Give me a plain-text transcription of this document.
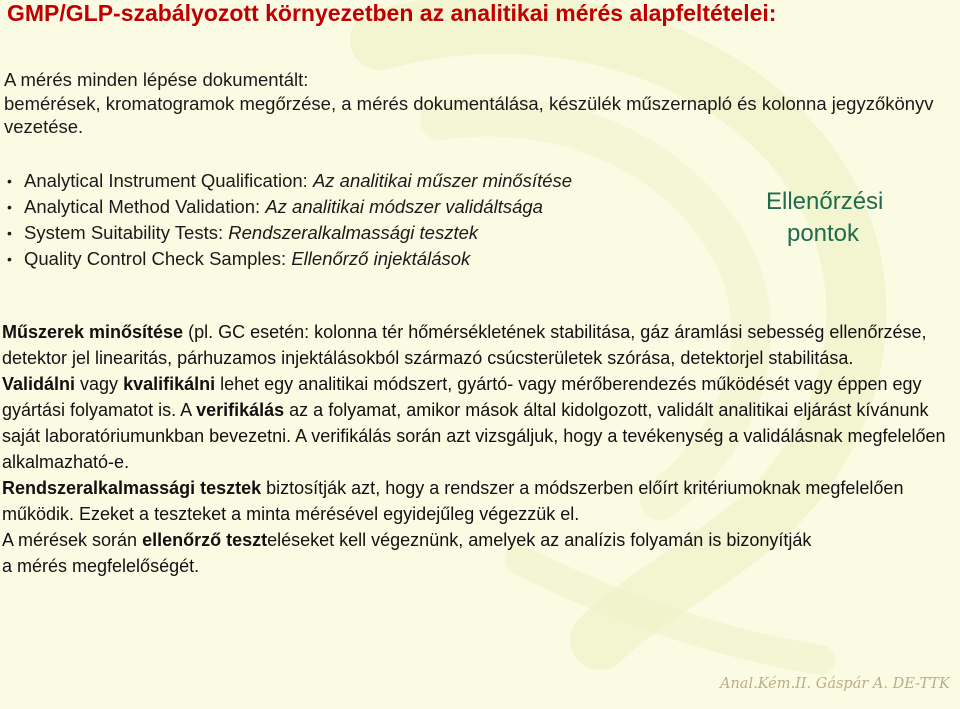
GMP/GLP-szabályozott környezetben az analitikai mérés alapfeltételei:
A mérés minden lépése dokumentált:
bemérések, kromatogramok megőrzése, a mérés dokumentálása, készülék műszernapló és kolonna jegyzőkönyv vezetése.
• Analytical Instrument Qualification: Az analitikai műszer minősítése
• Analytical Method Validation: Az analitikai módszer validáltsága
• System Suitability Tests: Rendszeralkalmassági tesztek
• Quality Control Check Samples: Ellenőrző injektálások
Ellenőrzési pontok

Műszerek minősítése (pl. GC esetén: kolonna tér hőmérsékletének stabilitása, gáz áramlási sebesség ellenőrzése, detektor jel linearitás, párhuzamos injektálásokból származó csúcsterületek szórása, detektorjel stabilitása.

Validálni vagy kvalifikálni lehet egy analitikai módszert, gyártó- vagy mérőberendezés működését vagy éppen egy gyártási folyamatot is. A verifikálás az a folyamat, amikor mások által kidolgozott, validált analitikai eljárást kívánunk saját laboratóriumunkban bevezetni. A verifikálás során azt vizsgáljuk, hogy a tevékenység a validálásnak megfelelően alkalmazható-e.

Rendszeralkalmassági tesztek biztosítják azt, hogy a rendszer a módszerben előírt kritériumoknak megfelelően működik. Ezeket a teszteket a minta mérésével egyidejűleg végezzük el.

A mérések során ellenőrző teszteléseket kell végeznünk, amelyek az analízis folyamán is bizonyítják
a mérés megfelelőségét.

Anal.Kém.II. Gáspár A. DE-TTK
